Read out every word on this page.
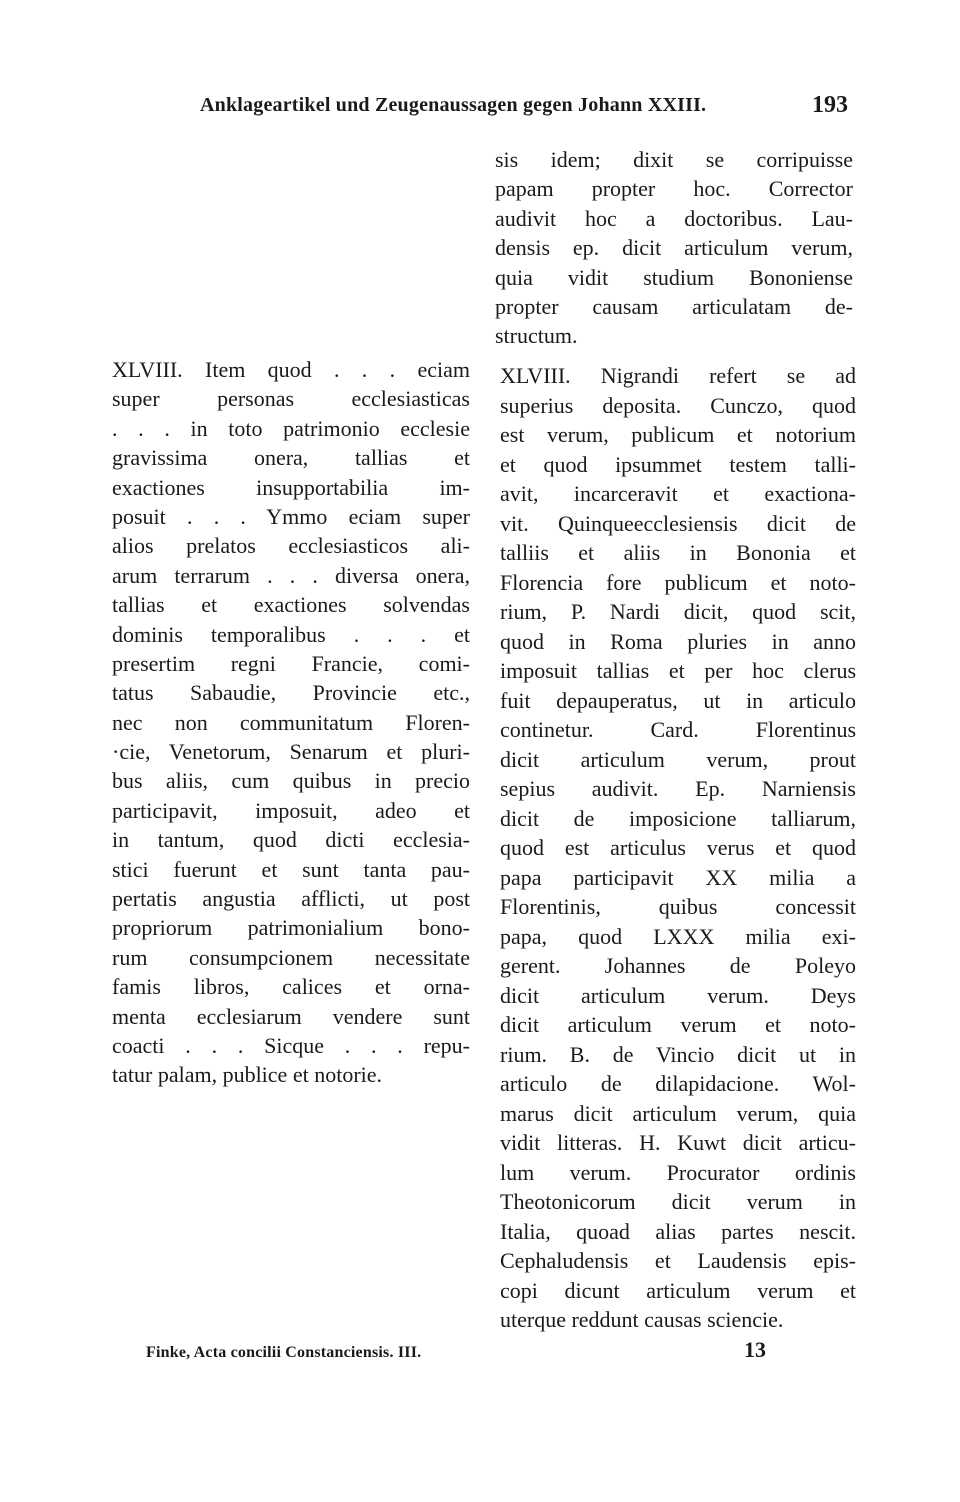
Anklageartikel und Zeugenaussagen gegen Johann XXIII.	193
sis idem; dixit se corripuisse
papam propter hoc. Corrector
audivit hoc a doctoribus. Lau-
densis ep. dicit articulum verum,
quia vidit studium Bononiense
propter causam articulatam de-
structum.
XLVIII. Item quod . . . eciam
super personas ecclesiasticas
. . . in toto patrimonio ecclesie
gravissima onera, tallias et
exactiones insupportabilia im-
posuit . . . Ymmo eciam super
alios prelatos ecclesiasticos ali-
arum terrarum . . . diversa onera,
tallias et exactiones solvendas
dominis temporalibus . . . et
presertim regni Francie, comi-
tatus Sabaudie, Provincie etc.,
nec non communitatum Floren-
·cie, Venetorum, Senarum et pluri-
bus aliis, cum quibus in precio
participavit, imposuit, adeo et
in tantum, quod dicti ecclesia-
stici fuerunt et sunt tanta pau-
pertatis angustia afflicti, ut post
propriorum patrimonialium bono-
rum consumpcionem necessitate
famis libros, calices et orna-
menta ecclesiarum vendere sunt
coacti . . . Sicque . . . repu-
tatur palam, publice et notorie.
XLVIII. Nigrandi refert se ad
superius deposita. Cunczo, quod
est verum, publicum et notorium
et quod ipsummet testem talli-
avit, incarceravit et exactiona-
vit. Quinqueecclesiensis dicit de
talliis et aliis in Bononia et
Florencia fore publicum et noto-
rium, P. Nardi dicit, quod scit,
quod in Roma pluries in anno
imposuit tallias et per hoc clerus
fuit depauperatus, ut in articulo
continetur. Card. Florentinus
dicit articulum verum, prout
sepius audivit. Ep. Narniensis
dicit de imposicione talliarum,
quod est articulus verus et quod
papa participavit XX milia a
Florentinis, quibus concessit
papa, quod LXXX milia exi-
gerent. Johannes de Poleyo
dicit articulum verum. Deys
dicit articulum verum et noto-
rium. B. de Vincio dicit ut in
articulo de dilapidacione. Wol-
marus dicit articulum verum, quia
vidit litteras. H. Kuwt dicit articu-
lum verum. Procurator ordinis
Theotonicorum dicit verum in
Italia, quoad alias partes nescit.
Cephaludensis et Laudensis epis-
copi dicunt articulum verum et
uterque reddunt causas sciencie.
Finke, Acta concilii Constanciensis. III.	13
